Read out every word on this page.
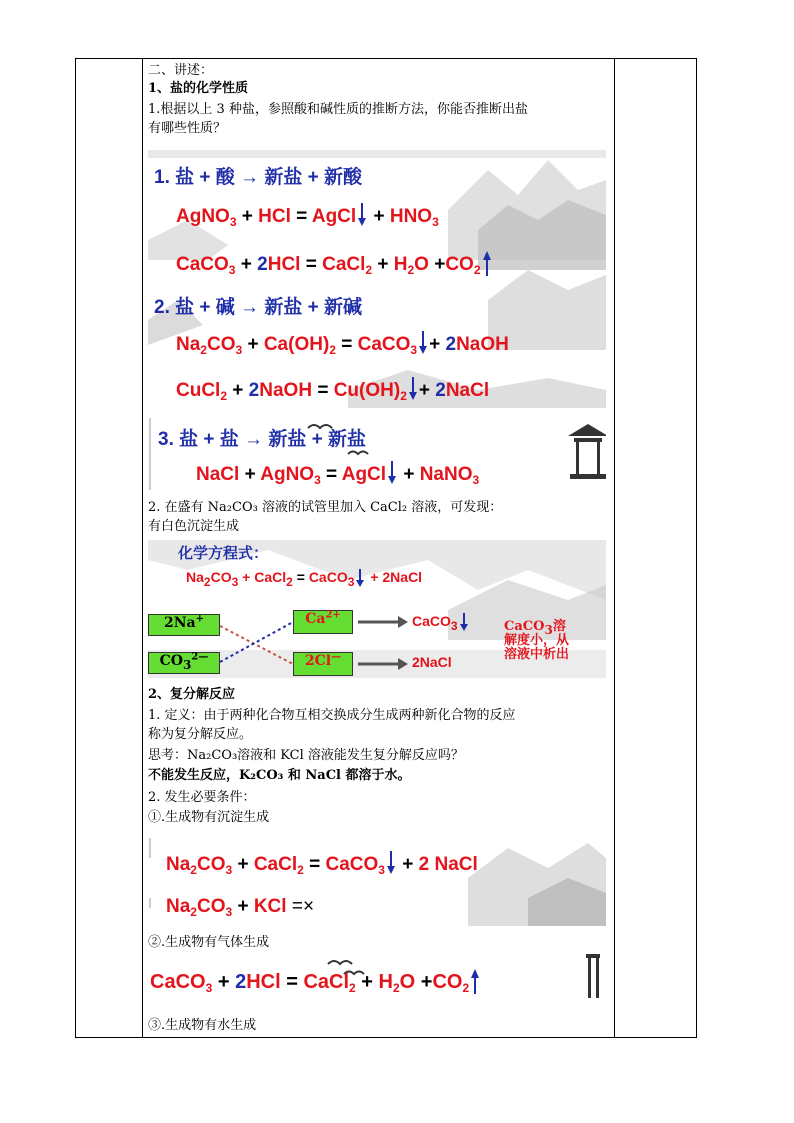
二、讲述：
1、盐的化学性质
1.根据以上 3 种盐，参照酸和碱性质的推断方法，你能否推断出盐
有哪些性质？
1. 盐 + 酸 → 新盐 + 新酸
AgNO$_3$ + HCl = AgCl + $HNO_3$
CaCO$_3$ + 2HCl = CaCl$_2$ + $H_2O +CO_2$
2. 盐 + 碱 → 新盐 + 新碱
$Na_2CO_3 + Ca(OH)_2$ = CaCO$_3$ + 2NaOH
CuCl$_2$ + 2NaOH = $Cu(OH)_2$ + 2NaCl
3. 盐 + 盐 → 新盐 + 新盐
NaCl + AgNO$_3$ = AgCl + NaNO$_3$
2. 在盛有 Na₂CO₃ 溶液的试管里加入 CaCl₂ 溶液，可发现：
有白色沉淀生成
化学方程式：
$Na_2CO_3$ + CaCl$_2$ = CaCO$_3$ + 2NaCl
2Na+
$CO_3^{2—}$
$Ca^{2+}$
2Cl—
CaCO$_3$
2NaCl
CaCO$_3$溶
解度小，从
溶液中析出
2、复分解反应
1. 定义：由于两种化合物互相交换成分生成两种新化合物的反应
称为复分解反应。
思考：Na₂CO₃溶液和 KCl 溶液能发生复分解反应吗？
不能发生反应，K₂CO₃ 和 NaCl 都溶于水。
2. 发生必要条件：
①.生成物有沉淀生成
$Na_2CO_3$ + CaCl$_2$ = CaCO$_3$ + 2 NaCl
$Na_2CO_3$ + KCl =×
②.生成物有气体生成
CaCO$_3$ + 2HCl = CaCl$_2$ + $H_2O +CO_2$
③.生成物有水生成
